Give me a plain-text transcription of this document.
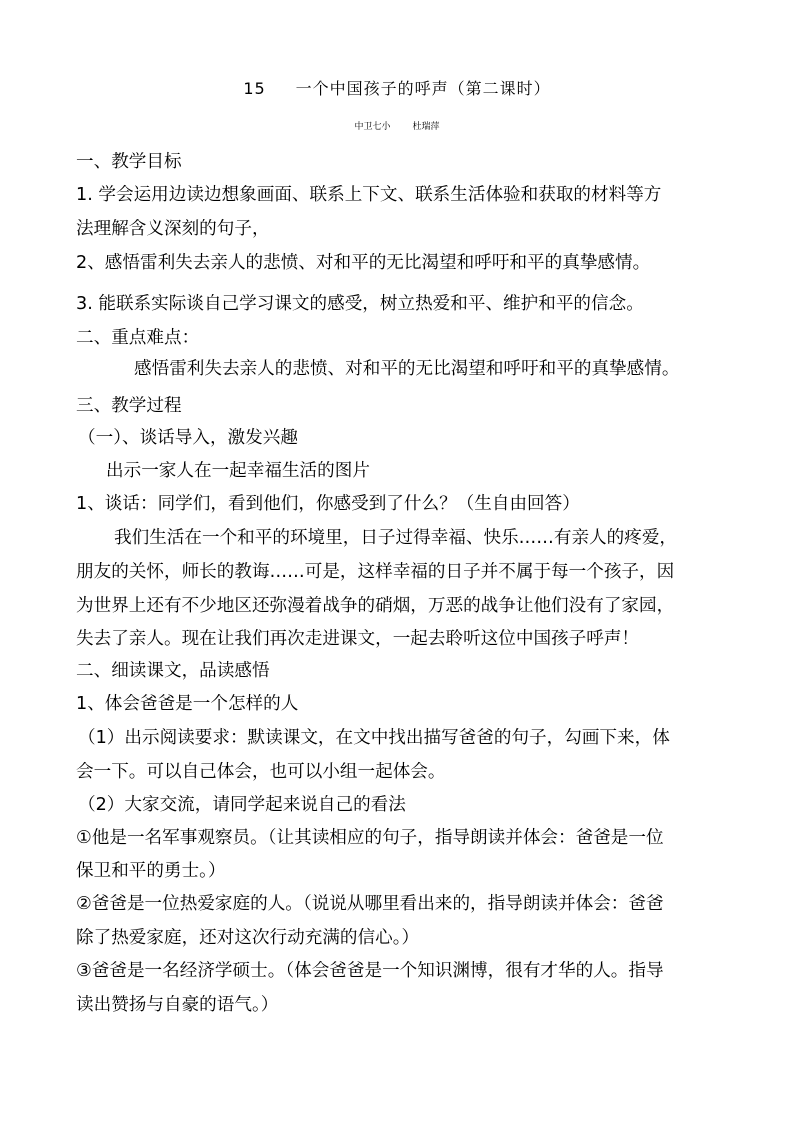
15 一个中国孩子的呼声（第二课时）
中卫七小 杜瑞萍
一、教学目标
1. 学会运用边读边想象画面、联系上下文、联系生活体验和获取的材料等方
法理解含义深刻的句子，
2、感悟雷利失去亲人的悲愤、对和平的无比渴望和呼吁和平的真挚感情。
3. 能联系实际谈自己学习课文的感受，树立热爱和平、维护和平的信念。
二、重点难点：
感悟雷利失去亲人的悲愤、对和平的无比渴望和呼吁和平的真挚感情。
三、教学过程
（一）、谈话导入，激发兴趣
出示一家人在一起幸福生活的图片
1、谈话：同学们，看到他们，你感受到了什么？（生自由回答）
我们生活在一个和平的环境里，日子过得幸福、快乐……有亲人的疼爱，
朋友的关怀，师长的教诲……可是，这样幸福的日子并不属于每一个孩子，因
为世界上还有不少地区还弥漫着战争的硝烟，万恶的战争让他们没有了家园，
失去了亲人。现在让我们再次走进课文，一起去聆听这位中国孩子呼声！
二、细读课文，品读感悟
1、体会爸爸是一个怎样的人
（1）出示阅读要求：默读课文，在文中找出描写爸爸的句子，勾画下来，体
会一下。可以自己体会，也可以小组一起体会。
（2）大家交流，请同学起来说自己的看法
①他是一名军事观察员。（让其读相应的句子，指导朗读并体会：爸爸是一位
保卫和平的勇士。）
②爸爸是一位热爱家庭的人。（说说从哪里看出来的，指导朗读并体会：爸爸
除了热爱家庭，还对这次行动充满的信心。）
③爸爸是一名经济学硕士。（体会爸爸是一个知识渊博，很有才华的人。指导
读出赞扬与自豪的语气。）
